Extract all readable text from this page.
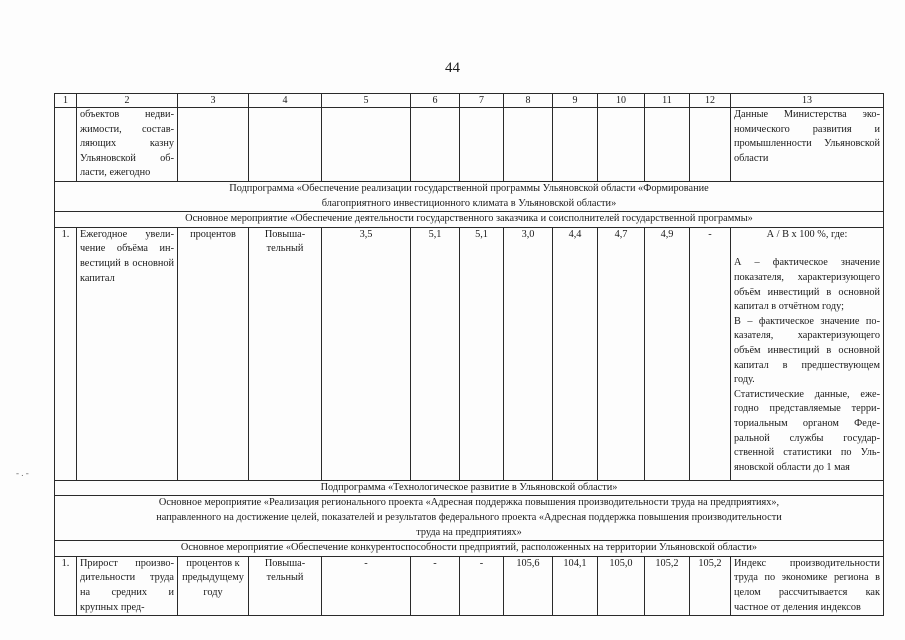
44
- . -
1	2	3	4	5	6	7	8	9	10	11	12	13
	объектов недвижимости, составляющих казну Ульяновской области, ежегодно											Данные Министерства экономического развития и промышленности Ульяновской области
Подпрограмма «Обеспечение реализации государственной программы Ульяновской области «Формирование благоприятного инвестиционного климата в Ульяновской области»												
Основное мероприятие «Обеспечение деятельности государственного заказчика и соисполнителей государственной программы»												
1.	Ежегодное увеличение объёма инвестиций в основной капитал	процентов	Повышательный	3,5	5,1	5,1	3,0	4,4	4,7	4,9	-	А / В х 100 %, где:
А – фактическое значение показателя, характеризующего объём инвестиций в основной капитал в отчётном году;
В – фактическое значение показателя, характеризующего объём инвестиций в основной капитал в предшествующем году.
Статистические данные, ежегодно представляемые территориальным органом Федеральной службы государственной статистики по Ульяновской области до 1 мая

Подпрограмма «Технологическое развитие в Ульяновской области»												
Основное мероприятие «Реализация регионального проекта «Адресная поддержка повышения производительности труда на предприятиях», направленного на достижение целей, показателей и результатов федерального проекта «Адресная поддержка повышения производительности труда на предприятиях»												
Основное мероприятие «Обеспечение конкурентоспособности предприятий, расположенных на территории Ульяновской области»												
1.	Прирост производительности труда на средних и крупных пред-	процентов к предыдущему году	Повышательный	-	-	-	105,6	104,1	105,0	105,2	105,2	Индекс производительности труда по экономике региона в целом рассчитывается как частное от деления индексов
